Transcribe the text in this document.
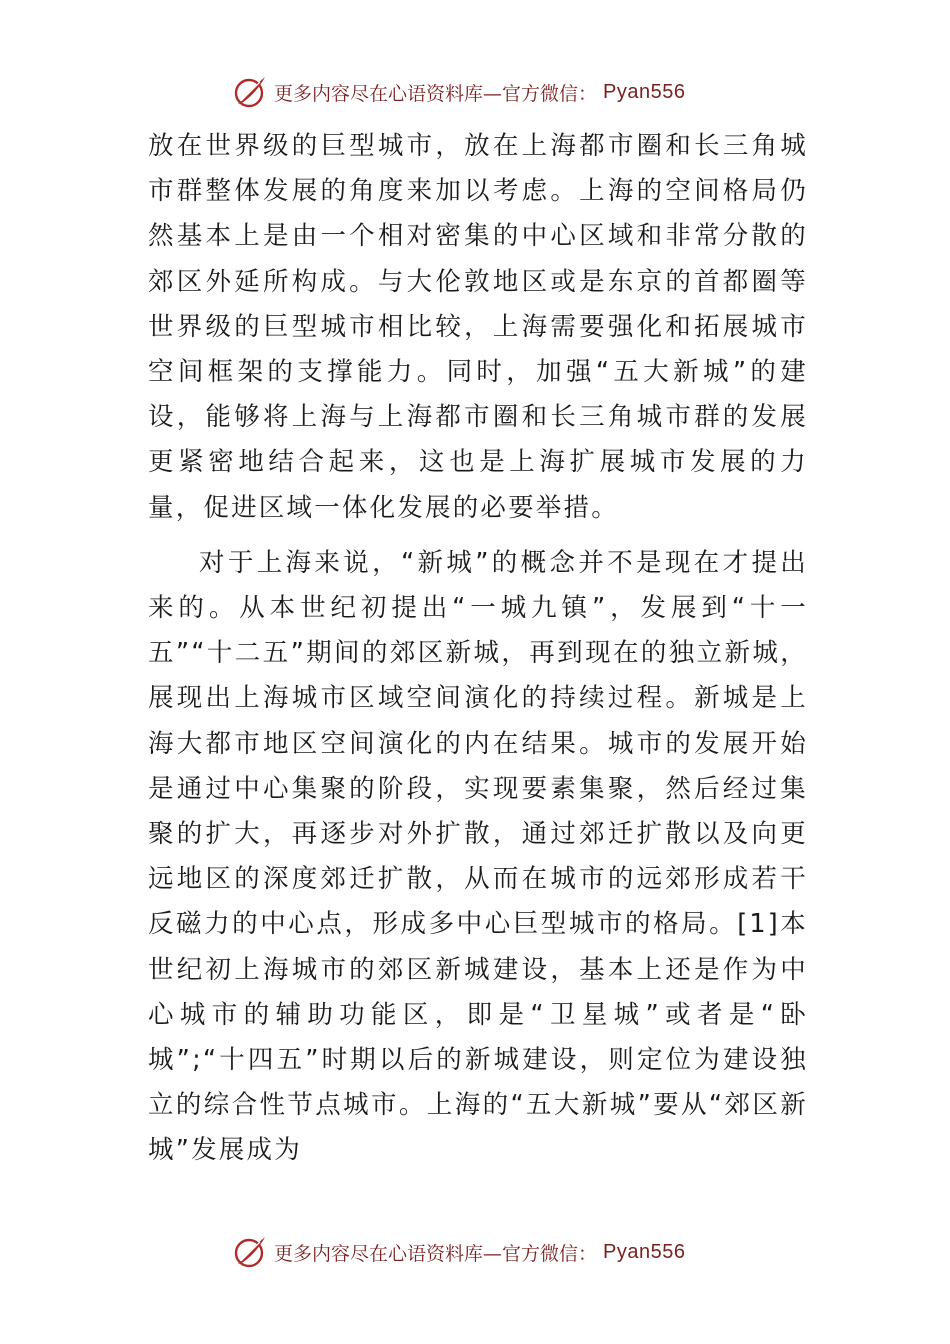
更多内容尽在心语资料库—官方微信： Pyan556

放在世界级的巨型城市，放在上海都市圈和长三角城市群整体发展的角度来加以考虑。上海的空间格局仍然基本上是由一个相对密集的中心区域和非常分散的郊区外延所构成。与大伦敦地区或是东京的首都圈等世界级的巨型城市相比较，上海需要强化和拓展城市空间框架的支撑能力。同时，加强“五大新城”的建设，能够将上海与上海都市圈和长三角城市群的发展更紧密地结合起来，这也是上海扩展城市发展的力量，促进区域一体化发展的必要举措。

对于上海来说，“新城”的概念并不是现在才提出来的。从本世纪初提出“一城九镇”，发展到“十一五”“十二五”期间的郊区新城，再到现在的独立新城，展现出上海城市区域空间演化的持续过程。新城是上海大都市地区空间演化的内在结果。城市的发展开始是通过中心集聚的阶段，实现要素集聚，然后经过集聚的扩大，再逐步对外扩散，通过郊迁扩散以及向更远地区的深度郊迁扩散，从而在城市的远郊形成若干反磁力的中心点，形成多中心巨型城市的格局。[1]本世纪初上海城市的郊区新城建设，基本上还是作为中心城市的辅助功能区，即是“卫星城”或者是“卧城”;“十四五”时期以后的新城建设，则定位为建设独立的综合性节点城市。上海的“五大新城”要从“郊区新城”发展成为

更多内容尽在心语资料库—官方微信： Pyan556
